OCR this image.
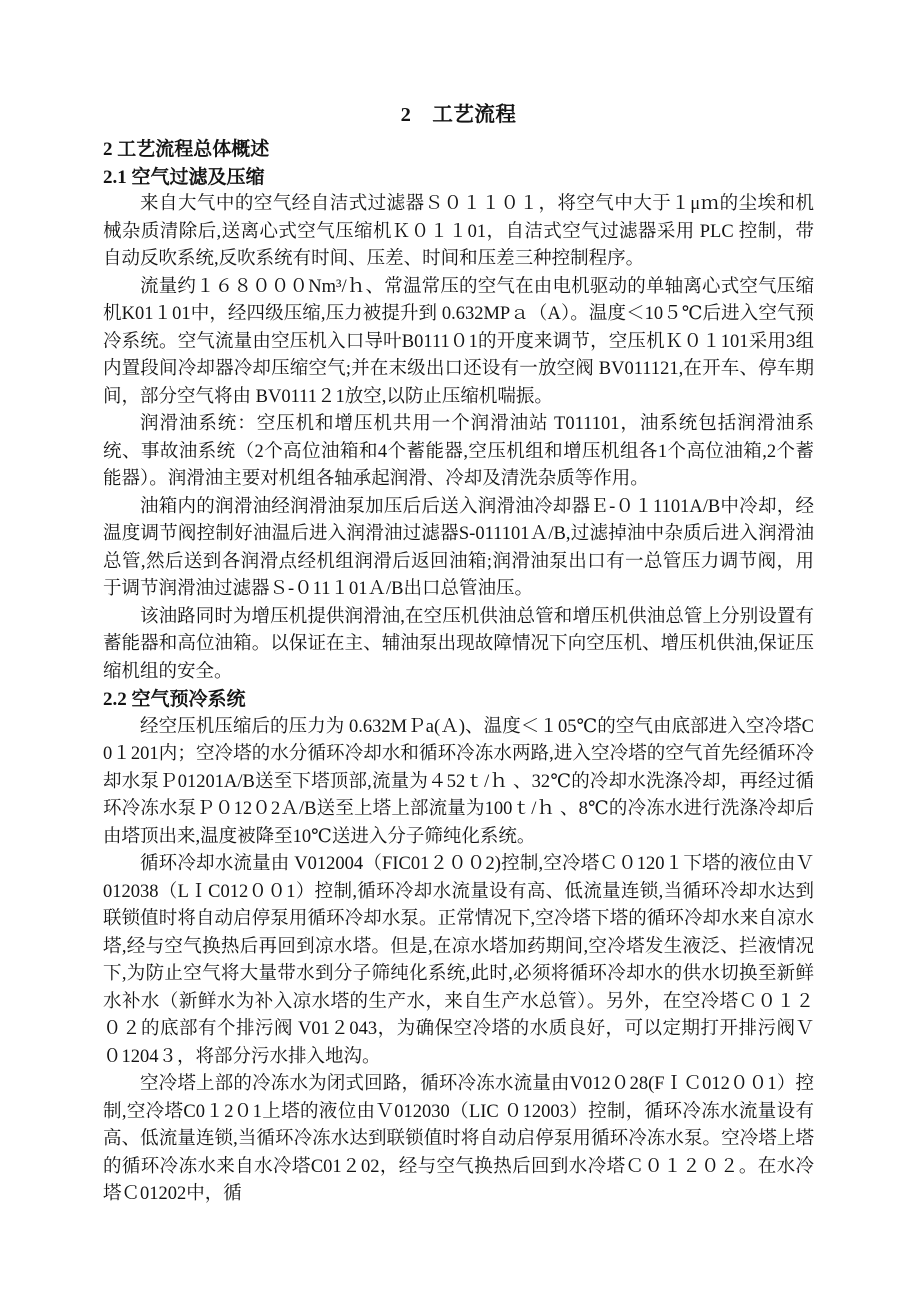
2　工艺流程
2 工艺流程总体概述
2.1 空气过滤及压缩

来自大气中的空气经自洁式过滤器Ｓ０１１０１，将空气中大于１μｍ的尘埃和机械杂质清除后,送离心式空气压缩机Ｋ０１１01，自洁式空气过滤器采用 PLC 控制，带自动反吹系统,反吹系统有时间、压差、时间和压差三种控制程序。

流量约１６８０００Nm³/ｈ、常温常压的空气在由电机驱动的单轴离心式空气压缩机K01１01中，经四级压缩,压力被提升到 0.632MPａ（A）。温度＜10５℃后进入空气预冷系统。空气流量由空压机入口导叶B0111０1的开度来调节，空压机Ｋ０１101采用3组内置段间冷却器冷却压缩空气;并在末级出口还设有一放空阀 BV011121,在开车、停车期间，部分空气将由 BV0111２1放空,以防止压缩机喘振。

润滑油系统：空压机和增压机共用一个润滑油站 T011101，油系统包括润滑油系统、事故油系统（2个高位油箱和4个蓄能器,空压机组和增压机组各1个高位油箱,2个蓄能器）。润滑油主要对机组各轴承起润滑、冷却及清洗杂质等作用。

油箱内的润滑油经润滑油泵加压后后送入润滑油冷却器Ｅ-０１1101A/B中冷却，经温度调节阀控制好油温后进入润滑油过滤器S-011101Ａ/B,过滤掉油中杂质后进入润滑油总管,然后送到各润滑点经机组润滑后返回油箱;润滑油泵出口有一总管压力调节阀，用于调节润滑油过滤器Ｓ-０11１01Ａ/B出口总管油压。

该油路同时为增压机提供润滑油,在空压机供油总管和增压机供油总管上分别设置有蓄能器和高位油箱。以保证在主、辅油泵出现故障情况下向空压机、增压机供油,保证压缩机组的安全。

2.2 空气预冷系统

经空压机压缩后的压力为 0.632MＰa(Ａ)、温度＜１05℃的空气由底部进入空冷塔C0１201内；空冷塔的水分循环冷却水和循环冷冻水两路,进入空冷塔的空气首先经循环冷却水泵Ｐ01201A/B送至下塔顶部,流量为４52ｔ/ｈ 、32℃的冷却水洗涤冷却，再经过循环冷冻水泵Ｐ０12０2Ａ/B送至上塔上部流量为100ｔ/ｈ 、8℃的冷冻水进行洗涤冷却后由塔顶出来,温度被降至10℃送进入分子筛纯化系统。

循环冷却水流量由 V012004（FIC01２００2)控制,空冷塔Ｃ０120１下塔的液位由Ｖ012038（LＩC012００1）控制,循环冷却水流量设有高、低流量连锁,当循环冷却水达到联锁值时将自动启停泵用循环冷却水泵。正常情况下,空冷塔下塔的循环冷却水来自凉水塔,经与空气换热后再回到凉水塔。但是,在凉水塔加药期间,空冷塔发生液泛、拦液情况下,为防止空气将大量带水到分子筛纯化系统,此时,必须将循环冷却水的供水切换至新鲜水补水（新鲜水为补入凉水塔的生产水，来自生产水总管）。另外，在空冷塔Ｃ０１２０２的底部有个排污阀 V01２043，为确保空冷塔的水质良好，可以定期打开排污阀Ｖ０1204３，将部分污水排入地沟。

空冷塔上部的冷冻水为闭式回路，循环冷冻水流量由V012０28(FＩＣ012００1）控制,空冷塔C0１2０1上塔的液位由Ｖ012030（LIC ０12003）控制，循环冷冻水流量设有高、低流量连锁,当循环冷冻水达到联锁值时将自动启停泵用循环冷冻水泵。空冷塔上塔的循环冷冻水来自水冷塔C01２02，经与空气换热后回到水冷塔Ｃ０１２０２。在水冷塔Ｃ01202中，循
